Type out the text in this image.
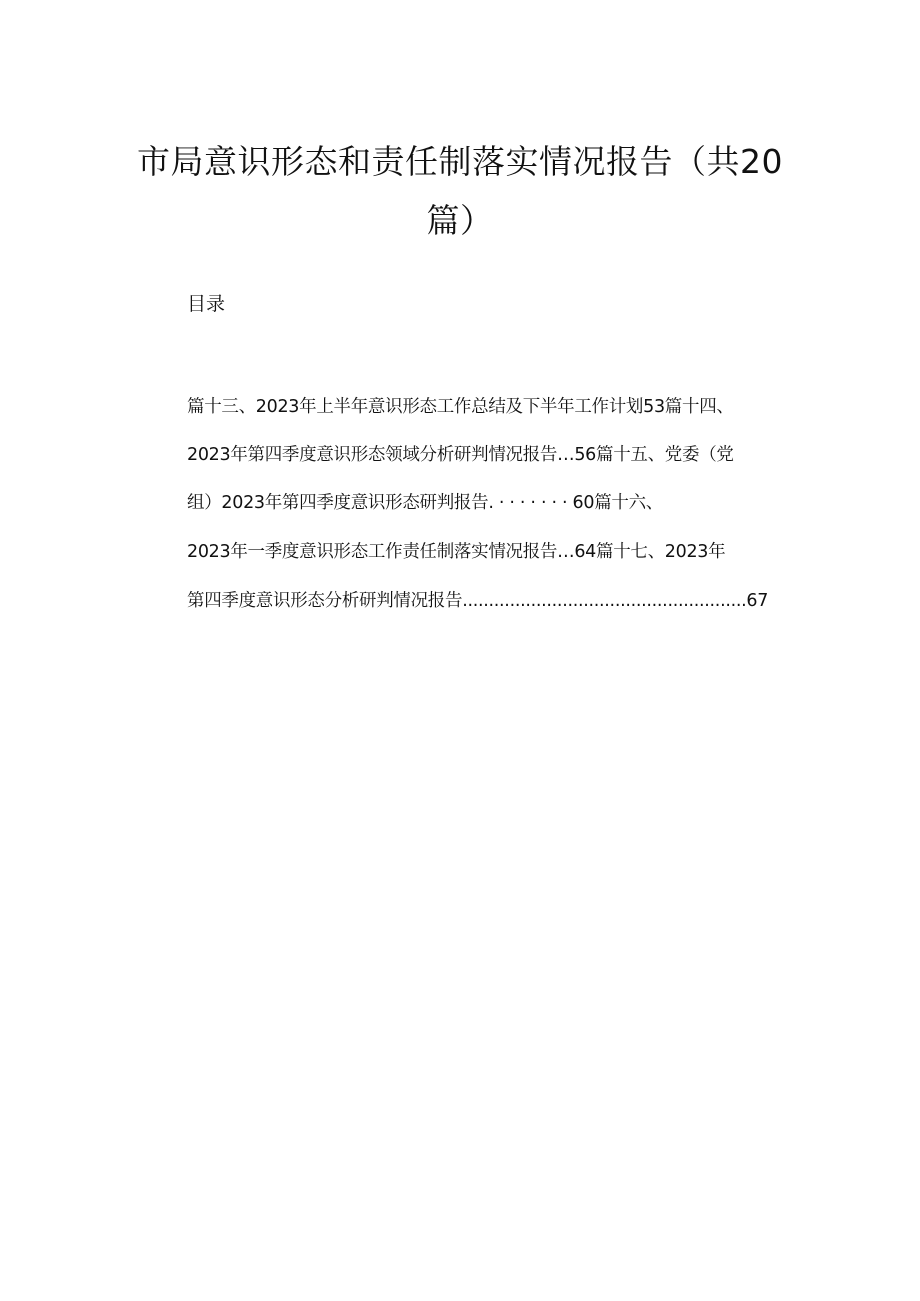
市局意识形态和责任制落实情况报告（共20
篇）
目录
篇十三、2023年上半年意识形态工作总结及下半年工作计划53篇十四、
2023年第四季度意识形态领域分析研判情况报告…56篇十五、党委（党
组）2023年第四季度意识形态研判报告. · · · · · · · 60篇十六、
2023年一季度意识形态工作责任制落实情况报告…64篇十七、2023年
第四季度意识形态分析研判情况报告......................................................67
